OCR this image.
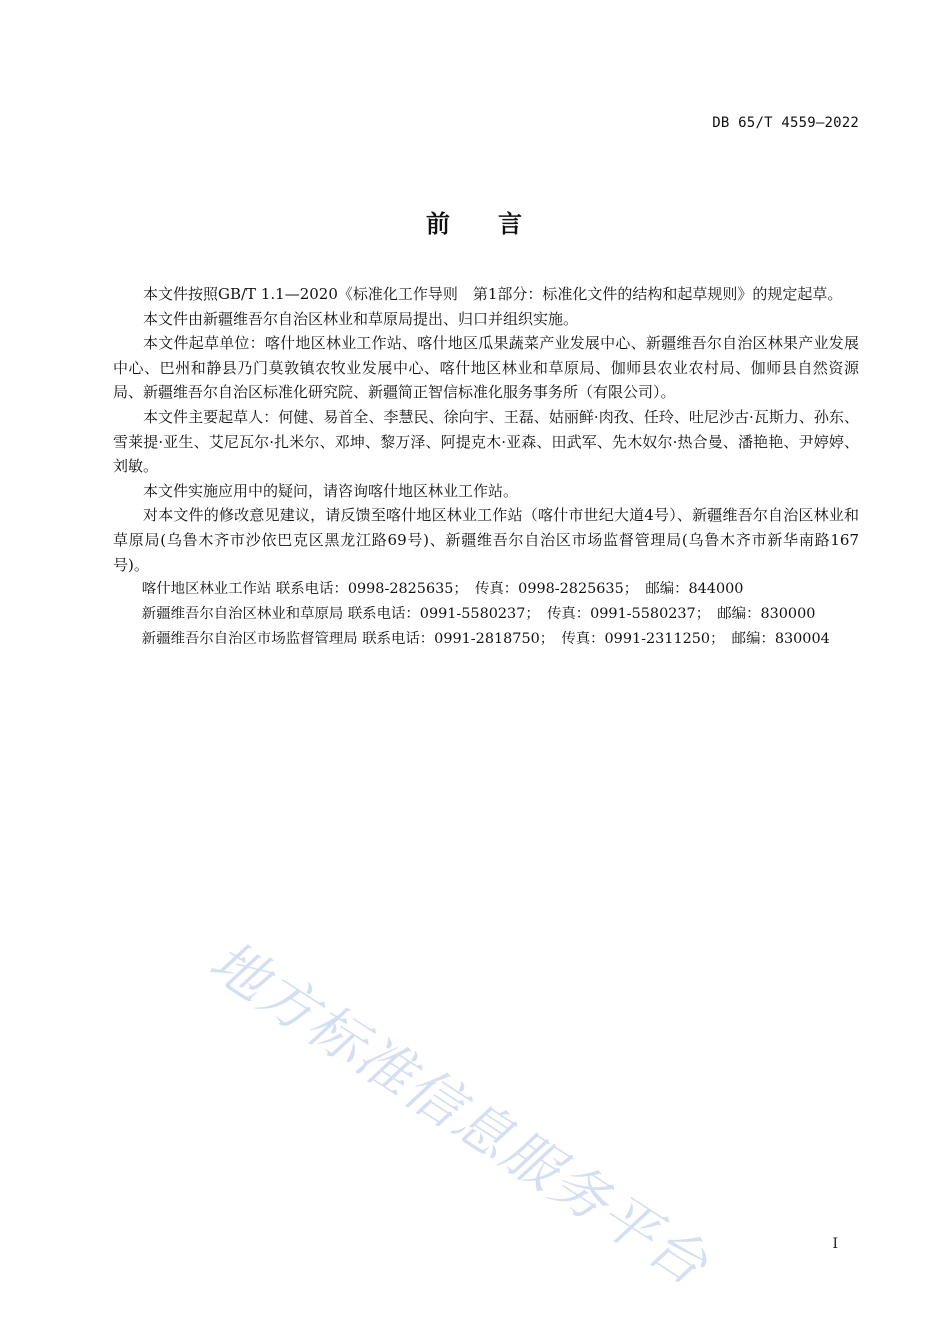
DB 65/T 4559—2022
前 言

本文件按照GB/T 1.1—2020《标准化工作导则　第1部分：标准化文件的结构和起草规则》的规定起草。

本文件由新疆维吾尔自治区林业和草原局提出、归口并组织实施。

本文件起草单位：喀什地区林业工作站、喀什地区瓜果蔬菜产业发展中心、新疆维吾尔自治区林果产业发展中心、巴州和静县乃门莫敦镇农牧业发展中心、喀什地区林业和草原局、伽师县农业农村局、伽师县自然资源局、新疆维吾尔自治区标准化研究院、新疆简正智信标准化服务事务所（有限公司）。

本文件主要起草人：何健、易首全、李慧民、徐向宇、王磊、姑丽鲜·肉孜、任玲、吐尼沙古·瓦斯力、孙东、雪莱提·亚生、艾尼瓦尔·扎米尔、邓坤、黎万泽、阿提克木·亚森、田武军、先木奴尔·热合曼、潘艳艳、尹婷婷、刘敏。

本文件实施应用中的疑问，请咨询喀什地区林业工作站。

对本文件的修改意见建议，请反馈至喀什地区林业工作站（喀什市世纪大道4号）、新疆维吾尔自治区林业和草原局(乌鲁木齐市沙依巴克区黑龙江路69号)、新疆维吾尔自治区市场监督管理局(乌鲁木齐市新华南路167号)。

喀什地区林业工作站 联系电话：0998-2825635；　传真：0998-2825635；　邮编：844000

新疆维吾尔自治区林业和草原局 联系电话：0991-5580237；　传真：0991-5580237；　邮编：830000

新疆维吾尔自治区市场监督管理局 联系电话：0991-2818750；　传真：0991-2311250；　邮编：830004

地方标准信息服务平台	I
